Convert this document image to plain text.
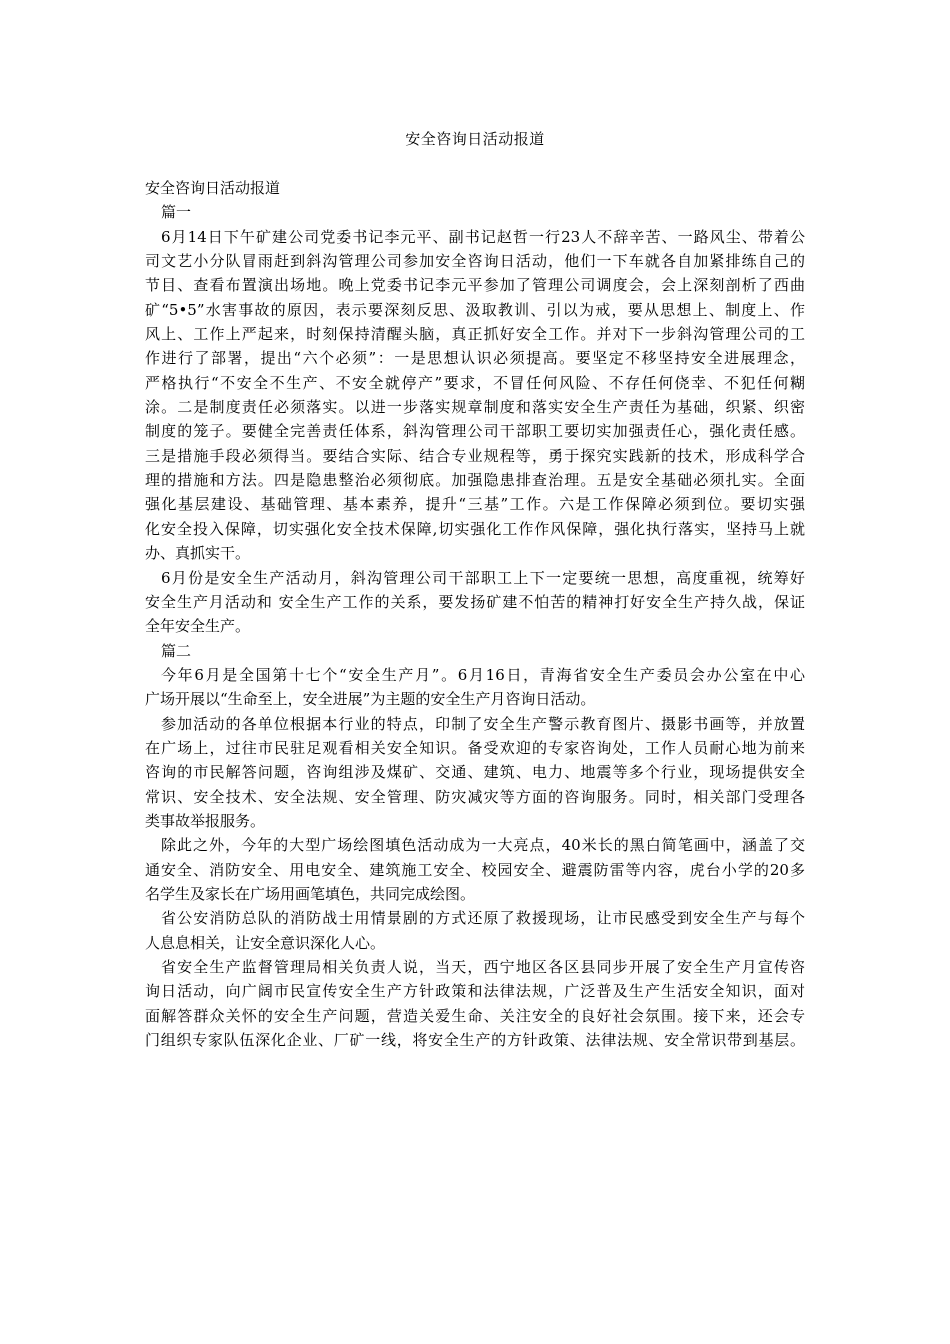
安全咨询日活动报道

安全咨询日活动报道

篇一

6月14日下午矿建公司党委书记李元平、副书记赵哲一行23人不辞辛苦、一路风尘、带着公

司文艺小分队冒雨赶到斜沟管理公司参加安全咨询日活动，他们一下车就各自加紧排练自己的

节目、查看布置演出场地。晚上党委书记李元平参加了管理公司调度会，会上深刻剖析了西曲

矿“5•5”水害事故的原因，表示要深刻反思、汲取教训、引以为戒，要从思想上、制度上、作

风上、工作上严起来，时刻保持清醒头脑，真正抓好安全工作。并对下一步斜沟管理公司的工

作进行了部署，提出“六个必须”：一是思想认识必须提高。要坚定不移坚持安全进展理念，

严格执行“不安全不生产、不安全就停产”要求，不冒任何风险、不存任何侥幸、不犯任何糊

涂。二是制度责任必须落实。以进一步落实规章制度和落实安全生产责任为基础，织紧、织密

制度的笼子。要健全完善责任体系，斜沟管理公司干部职工要切实加强责任心，强化责任感。

三是措施手段必须得当。要结合实际、结合专业规程等，勇于探究实践新的技术，形成科学合

理的措施和方法。四是隐患整治必须彻底。加强隐患排查治理。五是安全基础必须扎实。全面

强化基层建设、基础管理、基本素养，提升“三基”工作。六是工作保障必须到位。要切实强

化安全投入保障，切实强化安全技术保障,切实强化工作作风保障，强化执行落实，坚持马上就

办、真抓实干。

6月份是安全生产活动月，斜沟管理公司干部职工上下一定要统一思想，高度重视，统筹好

安全生产月活动和 安全生产工作的关系，要发扬矿建不怕苦的精神打好安全生产持久战，保证

全年安全生产。

篇二

今年6月是全国第十七个“安全生产月”。6月16日，青海省安全生产委员会办公室在中心

广场开展以“生命至上，安全进展”为主题的安全生产月咨询日活动。

参加活动的各单位根据本行业的特点，印制了安全生产警示教育图片、摄影书画等，并放置

在广场上，过往市民驻足观看相关安全知识。备受欢迎的专家咨询处，工作人员耐心地为前来

咨询的市民解答问题，咨询组涉及煤矿、交通、建筑、电力、地震等多个行业，现场提供安全

常识、安全技术、安全法规、安全管理、防灾减灾等方面的咨询服务。同时，相关部门受理各

类事故举报服务。

除此之外，今年的大型广场绘图填色活动成为一大亮点，40米长的黑白简笔画中，涵盖了交

通安全、消防安全、用电安全、建筑施工安全、校园安全、避震防雷等内容，虎台小学的20多

名学生及家长在广场用画笔填色，共同完成绘图。

省公安消防总队的消防战士用情景剧的方式还原了救援现场，让市民感受到安全生产与每个

人息息相关，让安全意识深化人心。

省安全生产监督管理局相关负责人说，当天，西宁地区各区县同步开展了安全生产月宣传咨

询日活动，向广阔市民宣传安全生产方针政策和法律法规，广泛普及生产生活安全知识，面对

面解答群众关怀的安全生产问题，营造关爱生命、关注安全的良好社会氛围。接下来，还会专

门组织专家队伍深化企业、厂矿一线，将安全生产的方针政策、法律法规、安全常识带到基层。
